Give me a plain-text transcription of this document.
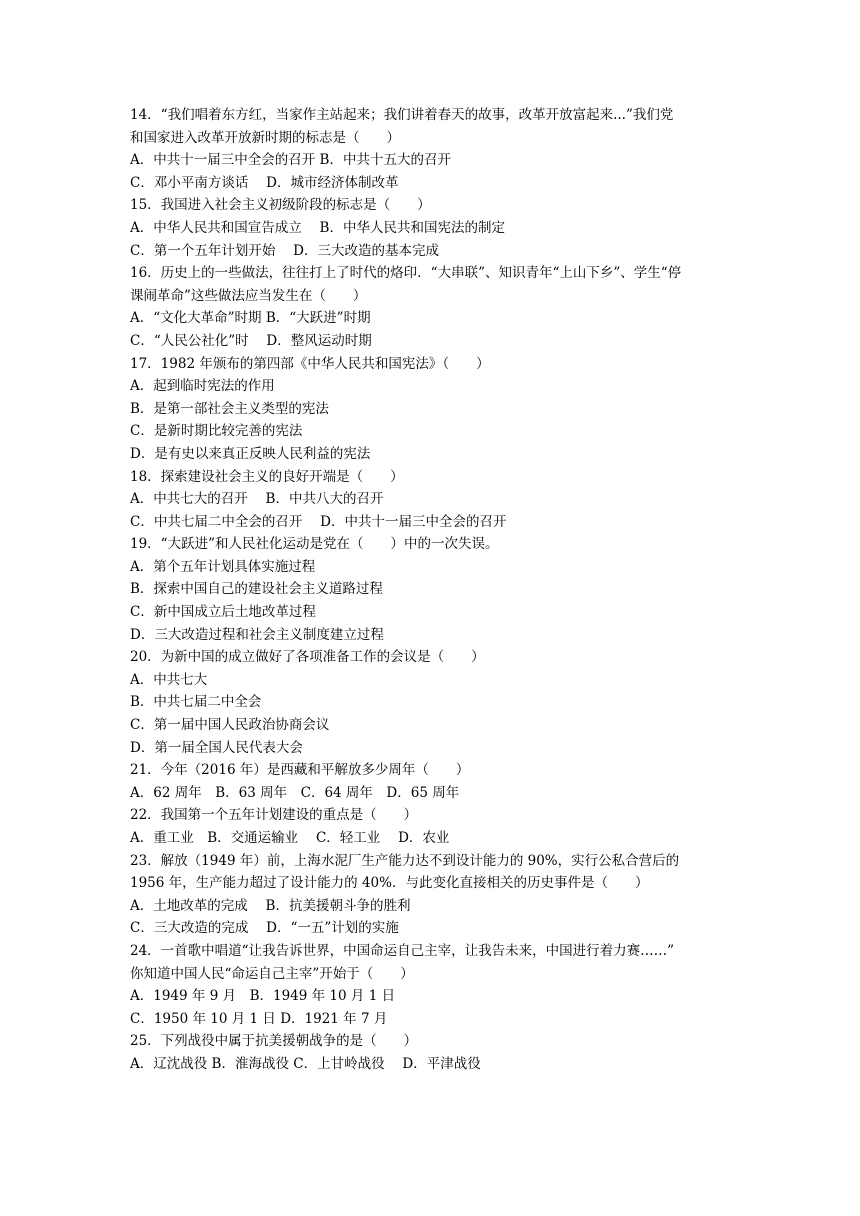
14．“我们唱着东方红，当家作主站起来；我们讲着春天的故事，改革开放富起来...”我们党
和国家进入改革开放新时期的标志是（　　）
A．中共十一届三中全会的召开 B．中共十五大的召开
C．邓小平南方谈话　 D．城市经济体制改革
15．我国进入社会主义初级阶段的标志是（　　）
A．中华人民共和国宣告成立　 B．中华人民共和国宪法的制定
C．第一个五年计划开始　 D．三大改造的基本完成
16．历史上的一些做法，往往打上了时代的烙印．“大串联”、知识青年“上山下乡”、学生“停
课闹革命”这些做法应当发生在（　　）
A．“文化大革命”时期 B．“大跃进”时期
C．“人民公社化”时　 D．整风运动时期
17．1982 年颁布的第四部《中华人民共和国宪法》（　　）
A．起到临时宪法的作用
B．是第一部社会主义类型的宪法
C．是新时期比较完善的宪法
D．是有史以来真正反映人民利益的宪法
18．探索建设社会主义的良好开端是（　　）
A．中共七大的召开　 B．中共八大的召开
C．中共七届二中全会的召开　 D．中共十一届三中全会的召开
19．“大跃进”和人民社化运动是党在（　　）中的一次失误。
A．第个五年计划具体实施过程
B．探索中国自己的建设社会主义道路过程
C．新中国成立后土地改革过程
D．三大改造过程和社会主义制度建立过程
20．为新中国的成立做好了各项准备工作的会议是（　　）
A．中共七大
B．中共七届二中全会
C．第一届中国人民政治协商会议
D．第一届全国人民代表大会
21．今年（2016 年）是西藏和平解放多少周年（　　）
A．62 周年　B．63 周年　C．64 周年　D．65 周年
22．我国第一个五年计划建设的重点是（　　）
A．重工业　B．交通运输业　 C．轻工业　 D．农业
23．解放（1949 年）前，上海水泥厂生产能力达不到设计能力的 90%，实行公私合营后的
1956 年，生产能力超过了设计能力的 40%．与此变化直接相关的历史事件是（　　）
A．土地改革的完成　 B．抗美援朝斗争的胜利
C．三大改造的完成　 D．“一五”计划的实施
24．一首歌中唱道“让我告诉世界，中国命运自己主宰，让我告未来，中国进行着力赛……”
你知道中国人民“命运自己主宰”开始于（　　）
A．1949 年 9 月　B．1949 年 10 月 1 日
C．1950 年 10 月 1 日 D．1921 年 7 月
25．下列战役中属于抗美援朝战争的是（　　）
A．辽沈战役 B．淮海战役 C．上甘岭战役　 D．平津战役
